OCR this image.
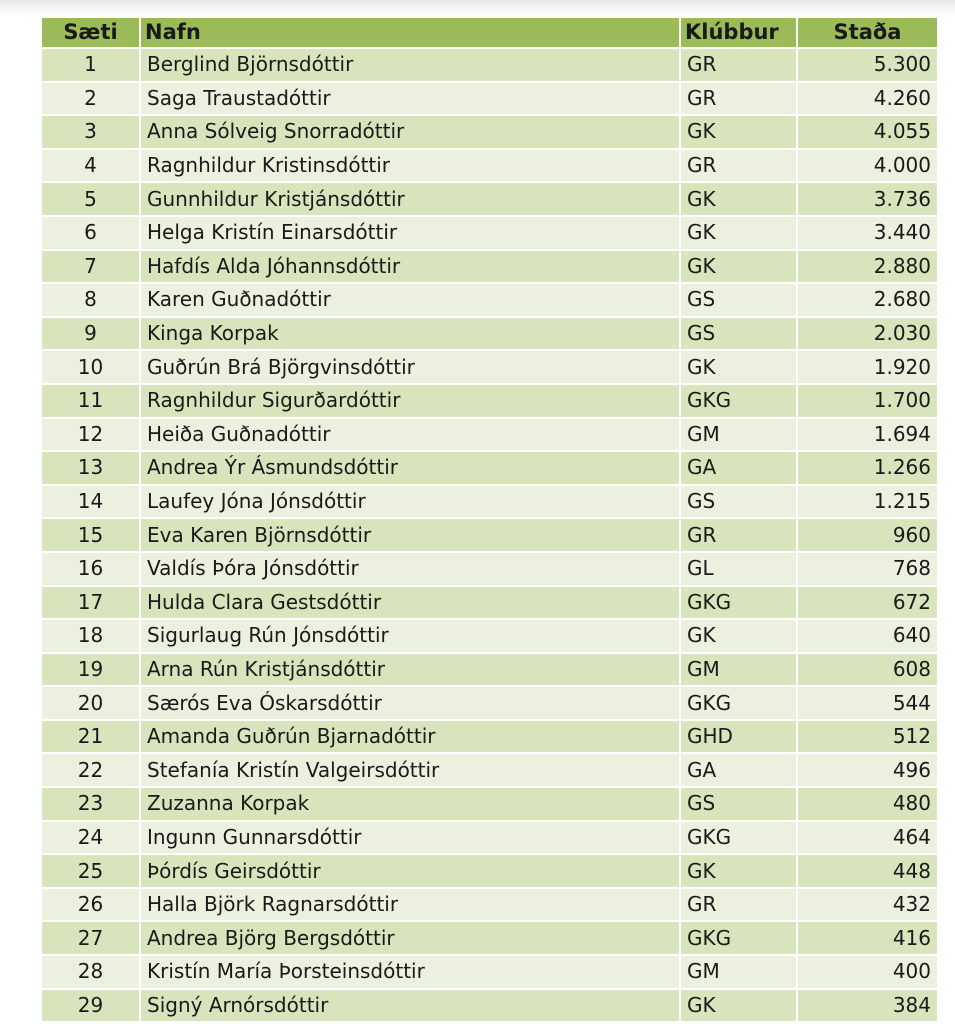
Sæti	Nafn	Klúbbur	Staða
1	Berglind Björnsdóttir	GR	5.300
2	Saga Traustadóttir	GR	4.260
3	Anna Sólveig Snorradóttir	GK	4.055
4	Ragnhildur Kristinsdóttir	GR	4.000
5	Gunnhildur Kristjánsdóttir	GK	3.736
6	Helga Kristín Einarsdóttir	GK	3.440
7	Hafdís Alda Jóhannsdóttir	GK	2.880
8	Karen Guðnadóttir	GS	2.680
9	Kinga Korpak	GS	2.030
10	Guðrún Brá Björgvinsdóttir	GK	1.920
11	Ragnhildur Sigurðardóttir	GKG	1.700
12	Heiða Guðnadóttir	GM	1.694
13	Andrea Ýr Ásmundsdóttir	GA	1.266
14	Laufey Jóna Jónsdóttir	GS	1.215
15	Eva Karen Björnsdóttir	GR	960
16	Valdís Þóra Jónsdóttir	GL	768
17	Hulda Clara Gestsdóttir	GKG	672
18	Sigurlaug Rún Jónsdóttir	GK	640
19	Arna Rún Kristjánsdóttir	GM	608
20	Særós Eva Óskarsdóttir	GKG	544
21	Amanda Guðrún Bjarnadóttir	GHD	512
22	Stefanía Kristín Valgeirsdóttir	GA	496
23	Zuzanna Korpak	GS	480
24	Ingunn Gunnarsdóttir	GKG	464
25	Þórdís Geirsdóttir	GK	448
26	Halla Björk Ragnarsdóttir	GR	432
27	Andrea Björg Bergsdóttir	GKG	416
28	Kristín María Þorsteinsdóttir	GM	400
29	Signý Arnórsdóttir	GK	384
